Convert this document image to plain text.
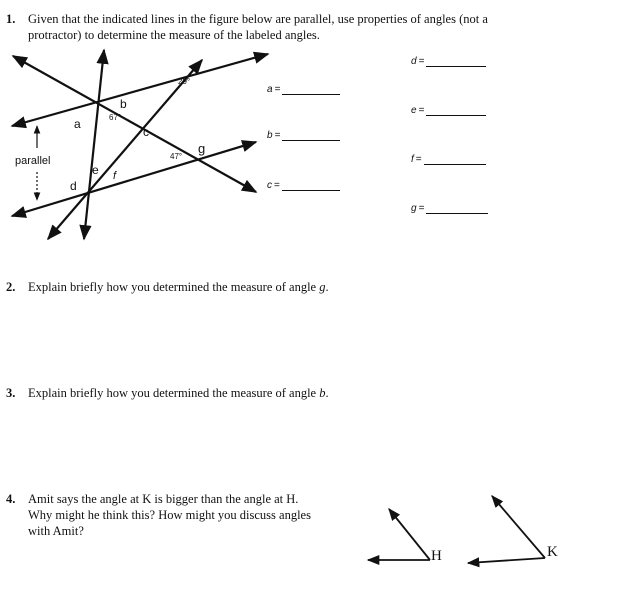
1. Given that the indicated lines in the figure below are parallel, use properties of angles (not a
protractor) to determine the measure of the labeled angles.
parallel
29°
67°
47°
a
b
c
d
e f
g
H	K
a =
b =
c =
d =
e =
f =
g =
2. Explain briefly how you determined the measure of angle g.
3. Explain briefly how you determined the measure of angle b.
4. Amit says the angle at K is bigger than the angle at H.
Why might he think this? How might you discuss angles
with Amit?
